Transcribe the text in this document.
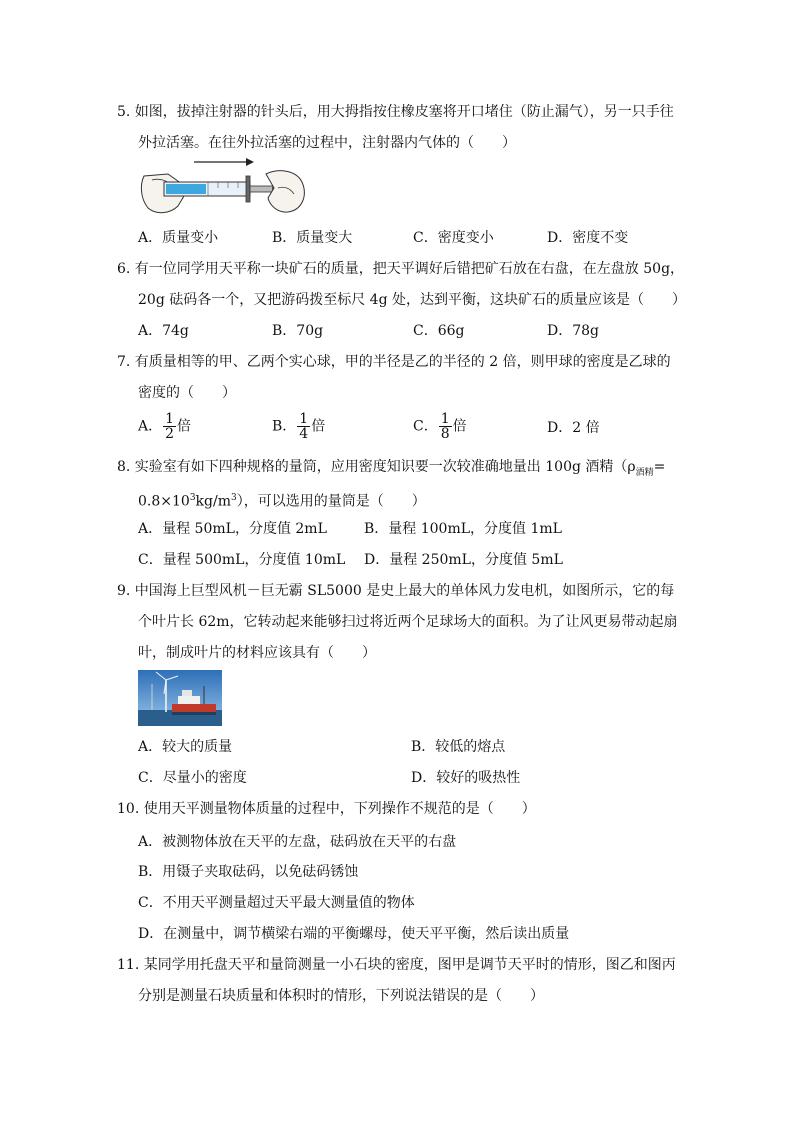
5. 如图，拔掉注射器的针头后，用大拇指按住橡皮塞将开口堵住（防止漏气），另一只手往
外拉活塞。在往外拉活塞的过程中，注射器内气体的（　　）
A．质量变小	B．质量变大	C．密度变小	D．密度不变
6. 有一位同学用天平称一块矿石的质量，把天平调好后错把矿石放在右盘，在左盘放 50g，
20g 砝码各一个，又把游码拨至标尺 4g 处，达到平衡，这块矿石的质量应该是（　　）
A．74g	B．70g	C．66g	D．78g
7. 有质量相等的甲、乙两个实心球，甲的半径是乙的半径的 2 倍，则甲球的密度是乙球的
密度的（　　）
A． $\frac{1}{2}$ 倍	B． $\frac{1}{4}$ 倍	C． $\frac{1}{8}$ 倍	D．2 倍
8. 实验室有如下四种规格的量筒，应用密度知识要一次较准确地量出 100g 酒精（$\rho_{酒精}=$
$0.8\times 10^3kg/m^3$），可以选用的量筒是（　　）
A．量程 50mL，分度值 2mL	B．量程 100mL，分度值 1mL
C．量程 500mL，分度值 10mL D．量程 250mL，分度值 5mL
9. 中国海上巨型风机－巨无霸 SL5000 是史上最大的单体风力发电机，如图所示，它的每
个叶片长 62m，它转动起来能够扫过将近两个足球场大的面积。为了让风更易带动起扇
叶，制成叶片的材料应该具有（　　）
A．较大的质量	B．较低的熔点
C．尽量小的密度	D．较好的吸热性
10. 使用天平测量物体质量的过程中，下列操作不规范的是（　　）
A．被测物体放在天平的左盘，砝码放在天平的右盘
B．用镊子夹取砝码，以免砝码锈蚀
C．不用天平测量超过天平最大测量值的物体
D．在测量中，调节横梁右端的平衡螺母，使天平平衡，然后读出质量
11. 某同学用托盘天平和量筒测量一小石块的密度，图甲是调节天平时的情形，图乙和图丙
分别是测量石块质量和体积时的情形，下列说法错误的是（　　）
